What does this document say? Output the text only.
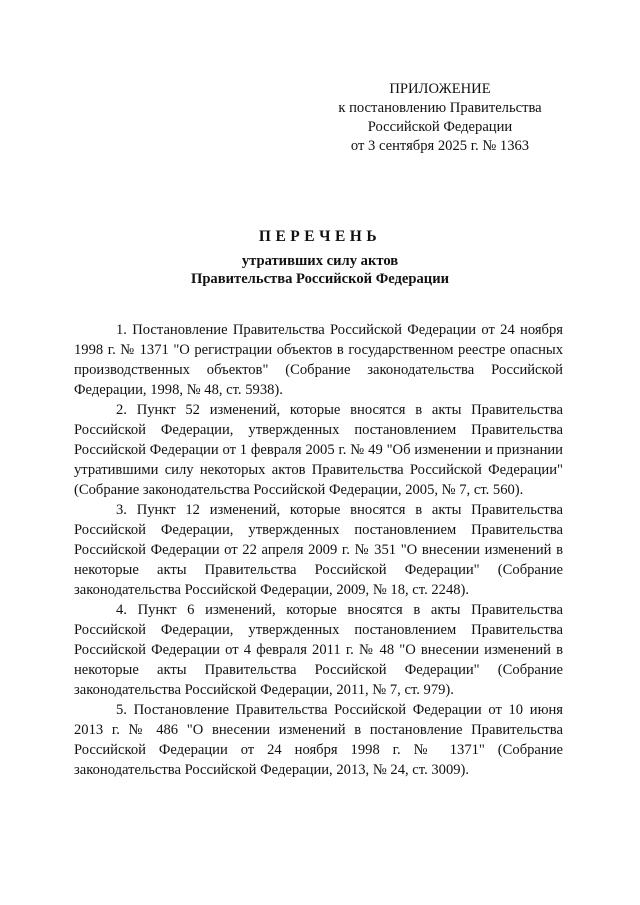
ПРИЛОЖЕНИЕ
к постановлению Правительства
Российской Федерации
от 3 сентября 2025 г. № 1363
ПЕРЕЧЕНЬ
утративших силу актов
Правительства Российской Федерации

1. Постановление Правительства Российской Федерации от 24 ноября 1998 г. № 1371 "О регистрации объектов в государственном реестре опасных производственных объектов" (Собрание законодательства Российской Федерации, 1998, № 48, ст. 5938).

2. Пункт 52 изменений, которые вносятся в акты Правительства Российской Федерации, утвержденных постановлением Правительства Российской Федерации от 1 февраля 2005 г. № 49 "Об изменении и признании утратившими силу некоторых актов Правительства Российской Федерации" (Собрание законодательства Российской Федерации, 2005, № 7, ст. 560).

3. Пункт 12 изменений, которые вносятся в акты Правительства Российской Федерации, утвержденных постановлением Правительства Российской Федерации от 22 апреля 2009 г. № 351 "О внесении изменений в некоторые акты Правительства Российской Федерации" (Собрание законодательства Российской Федерации, 2009, № 18, ст. 2248).

4. Пункт 6 изменений, которые вносятся в акты Правительства Российской Федерации, утвержденных постановлением Правительства Российской Федерации от 4 февраля 2011 г. № 48 "О внесении изменений в некоторые акты Правительства Российской Федерации" (Собрание законодательства Российской Федерации, 2011, № 7, ст. 979).

5. Постановление Правительства Российской Федерации от 10 июня 2013 г. № 486 "О внесении изменений в постановление Правительства Российской Федерации от 24 ноября 1998 г. № 1371" (Собрание законодательства Российской Федерации, 2013, № 24, ст. 3009).
